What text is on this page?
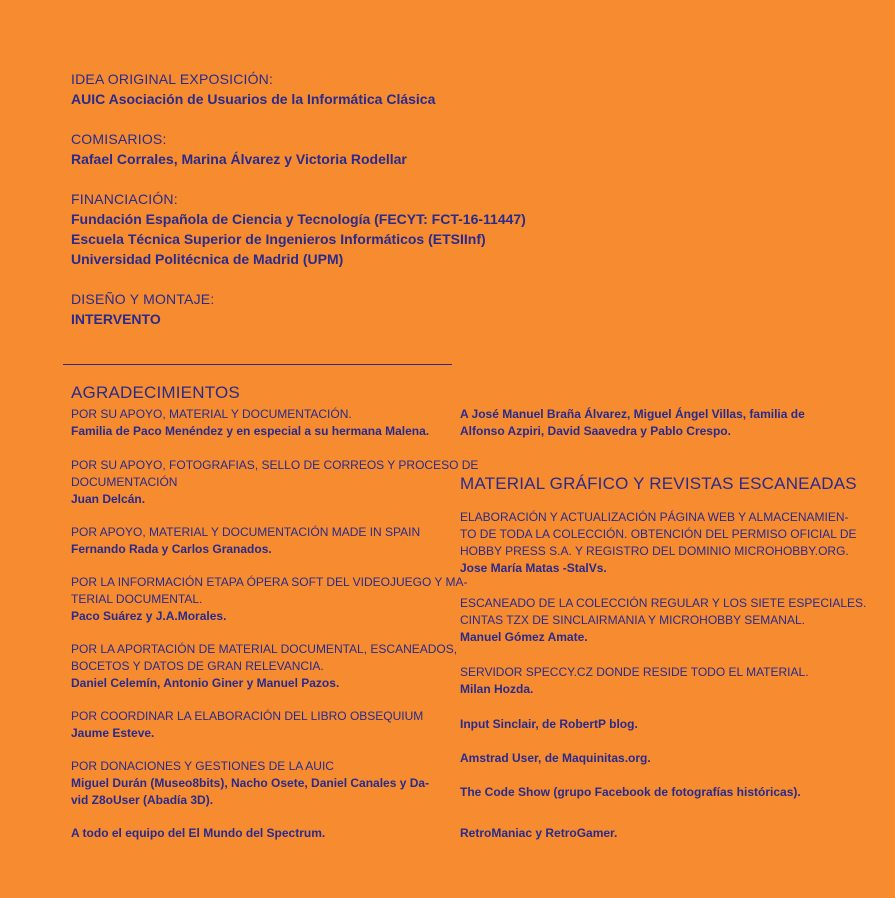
IDEA ORIGINAL EXPOSICIÓN:
AUIC Asociación de Usuarios de la Informática Clásica
COMISARIOS:
Rafael Corrales, Marina Álvarez y Victoria Rodellar
FINANCIACIÓN:
Fundación Española de Ciencia y Tecnología (FECYT: FCT-16-11447)
Escuela Técnica Superior de Ingenieros Informáticos (ETSIInf)
Universidad Politécnica de Madrid (UPM)
DISEÑO Y MONTAJE:
INTERVENTO
AGRADECIMIENTOS
POR SU APOYO, MATERIAL Y DOCUMENTACIÓN.
Familia de Paco Menéndez y en especial a su hermana Malena.
POR SU APOYO, FOTOGRAFIAS, SELLO DE CORREOS Y PROCESO DE
DOCUMENTACIÓN
Juan Delcán.
POR APOYO, MATERIAL Y DOCUMENTACIÓN MADE IN SPAIN
Fernando Rada y Carlos Granados.
POR LA INFORMACIÓN ETAPA ÓPERA SOFT DEL VIDEOJUEGO Y MA-
TERIAL DOCUMENTAL.
Paco Suárez y J.A.Morales.
POR LA APORTACIÓN DE MATERIAL DOCUMENTAL, ESCANEADOS,
BOCETOS Y DATOS DE GRAN RELEVANCIA.
Daniel Celemín, Antonio Giner y Manuel Pazos.
POR COORDINAR LA ELABORACIÓN DEL LIBRO OBSEQUIUM
Jaume Esteve.
POR DONACIONES Y GESTIONES DE LA AUIC
Miguel Durán (Museo8bits), Nacho Osete, Daniel Canales y Da-
vid Z8oUser (Abadía 3D).
A todo el equipo del El Mundo del Spectrum.
A José Manuel Braña Álvarez, Miguel Ángel Villas, familia de
Alfonso Azpiri, David Saavedra y Pablo Crespo.
MATERIAL GRÁFICO Y REVISTAS ESCANEADAS
ELABORACIÓN Y ACTUALIZACIÓN PÁGINA WEB Y ALMACENAMIEN-
TO DE TODA LA COLECCIÓN. OBTENCIÓN DEL PERMISO OFICIAL DE
HOBBY PRESS S.A. Y REGISTRO DEL DOMINIO MICROHOBBY.ORG.
Jose María Matas -StalVs.
ESCANEADO DE LA COLECCIÓN REGULAR Y LOS SIETE ESPECIALES.
CINTAS TZX DE SINCLAIRMANIA Y MICROHOBBY SEMANAL.
Manuel Gómez Amate.
SERVIDOR SPECCY.CZ DONDE RESIDE TODO EL MATERIAL.
Milan Hozda.
Input Sinclair, de RobertP blog.
Amstrad User, de Maquinitas.org.
The Code Show (grupo Facebook de fotografías históricas).
RetroManiac y RetroGamer.
